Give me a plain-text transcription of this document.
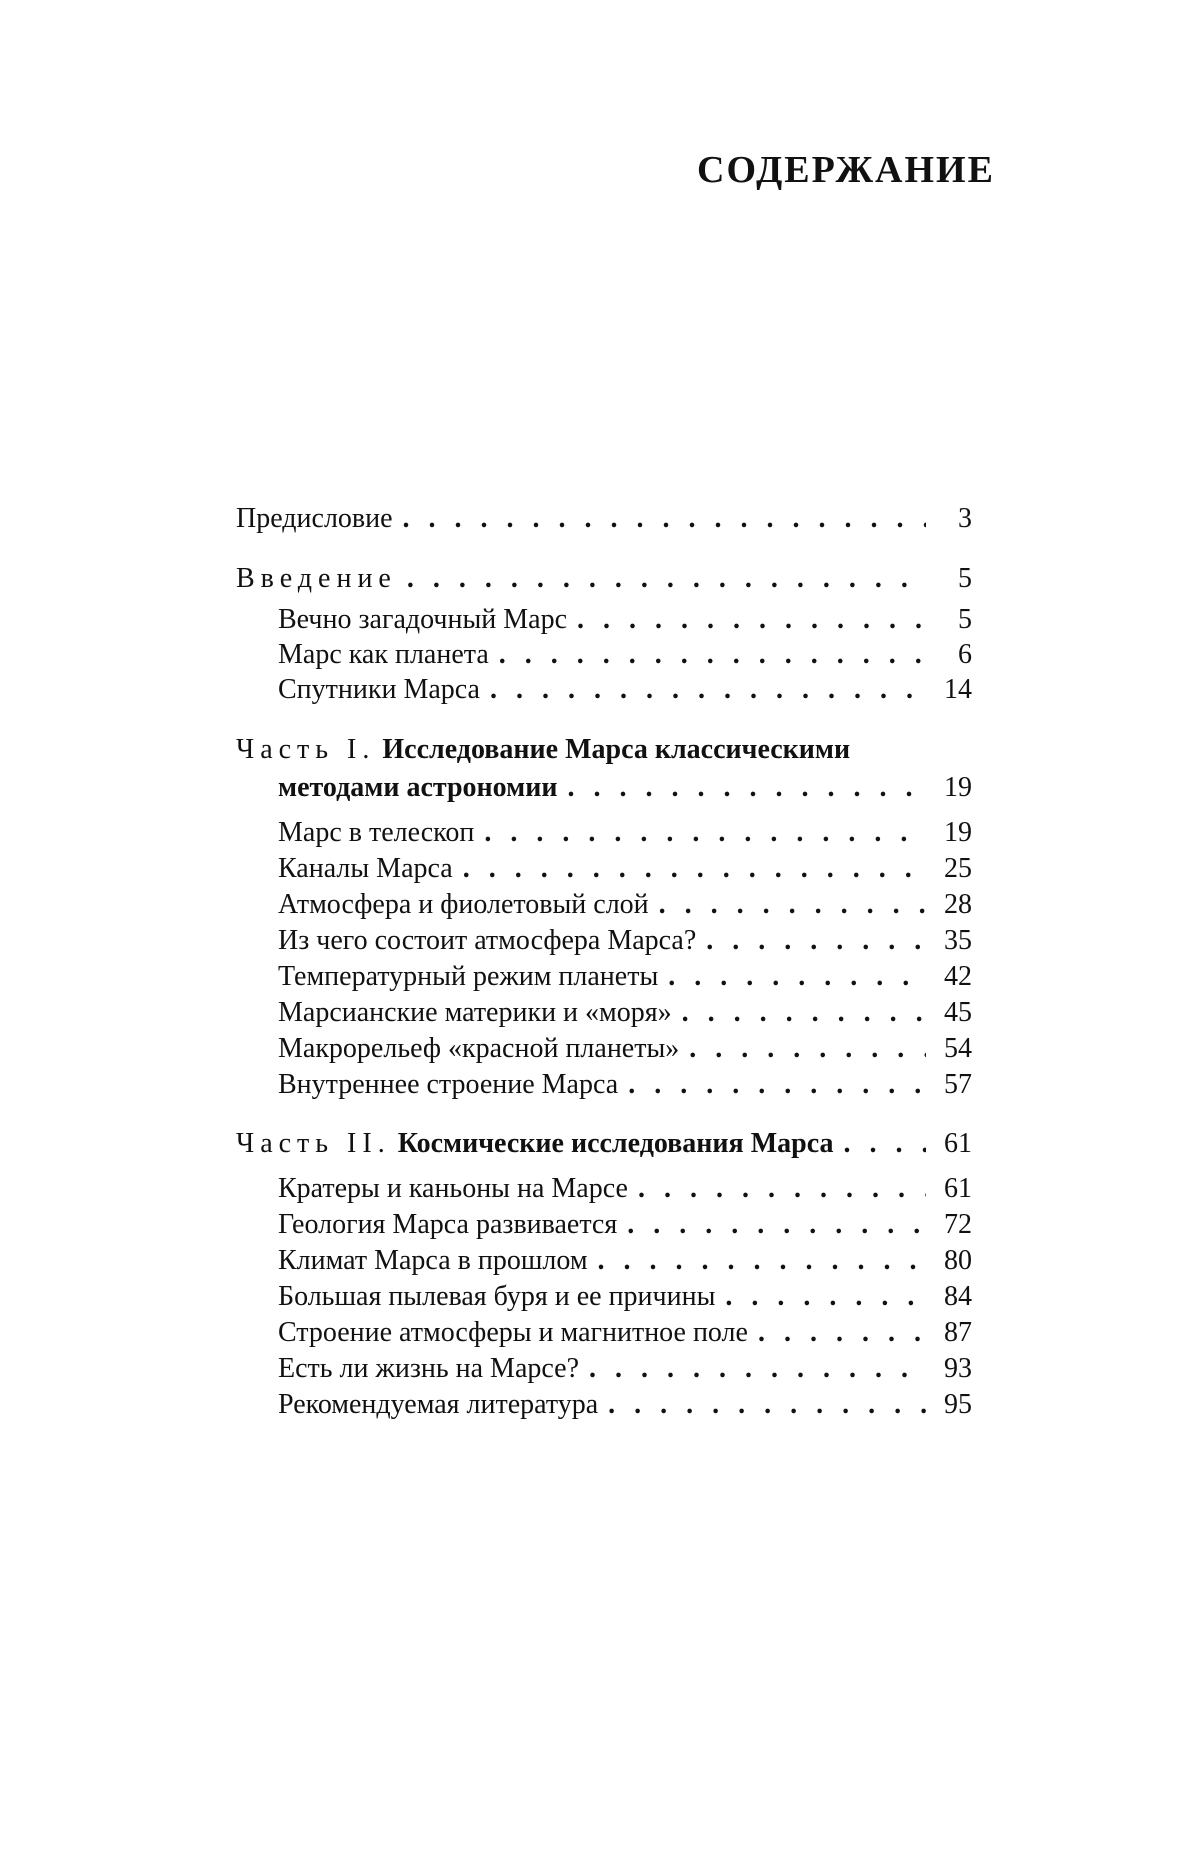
СОДЕРЖАНИЕ
Предисловие . . .	3
Введение . . .	5
Вечно загадочный Марс . . .	5
Марс как планета . . .	6
Спутники Марса . . .	14
Часть I. Исследование Марса классическими
методами астрономии . . .	19
Марс в телескоп . . .	19
Каналы Марса . . .	25
Атмосфера и фиолетовый слой . . .	28
Из чего состоит атмосфера Марса? . . .	35
Температурный режим планеты . . .	42
Марсианские материки и «моря» . . .	45
Макрорельеф «красной планеты» . . .	54
Внутреннее строение Марса . . .	57
Часть II. Космические исследования Марса . . .	61
Кратеры и каньоны на Марсе . . .	61
Геология Марса развивается . . .	72
Климат Марса в прошлом . . .	80
Большая пылевая буря и ее причины . . .	84
Строение атмосферы и магнитное поле . . .	87
Есть ли жизнь на Марсе? . . .	93
Рекомендуемая литература . . .	95
